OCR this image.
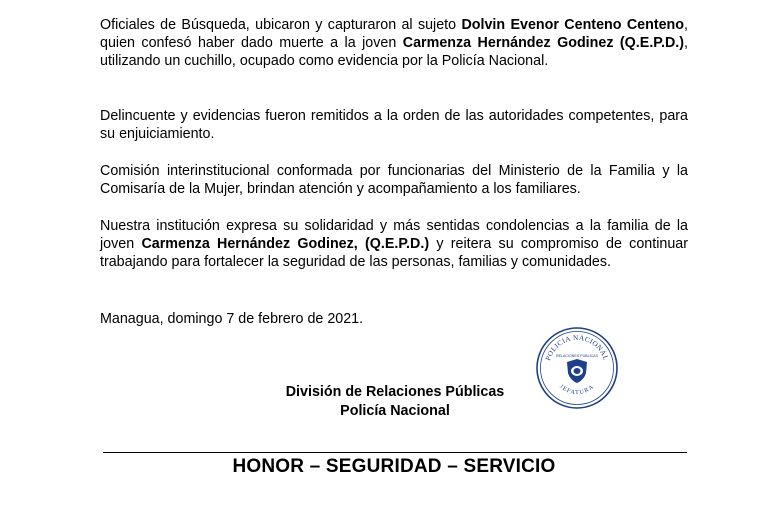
Oficiales de Búsqueda, ubicaron y capturaron al sujeto Dolvin Evenor Centeno Centeno, quien confesó haber dado muerte a la joven Carmenza Hernández Godinez (Q.E.P.D.), utilizando un cuchillo, ocupado como evidencia por la Policía Nacional.

Delincuente y evidencias fueron remitidos a la orden de las autoridades competentes, para su enjuiciamiento.

Comisión interinstitucional conformada por funcionarias del Ministerio de la Familia y la Comisaría de la Mujer, brindan atención y acompañamiento a los familiares.

Nuestra institución expresa su solidaridad y más sentidas condolencias a la familia de la joven Carmenza Hernández Godinez, (Q.E.P.D.) y reitera su compromiso de continuar trabajando para fortalecer la seguridad de las personas, familias y comunidades.

Managua, domingo 7 de febrero de 2021.

POLICIA NACIONAL
RELACIONES PUBLICAS
JEFATURA
División de Relaciones Públicas
Policía Nacional
HONOR – SEGURIDAD – SERVICIO
